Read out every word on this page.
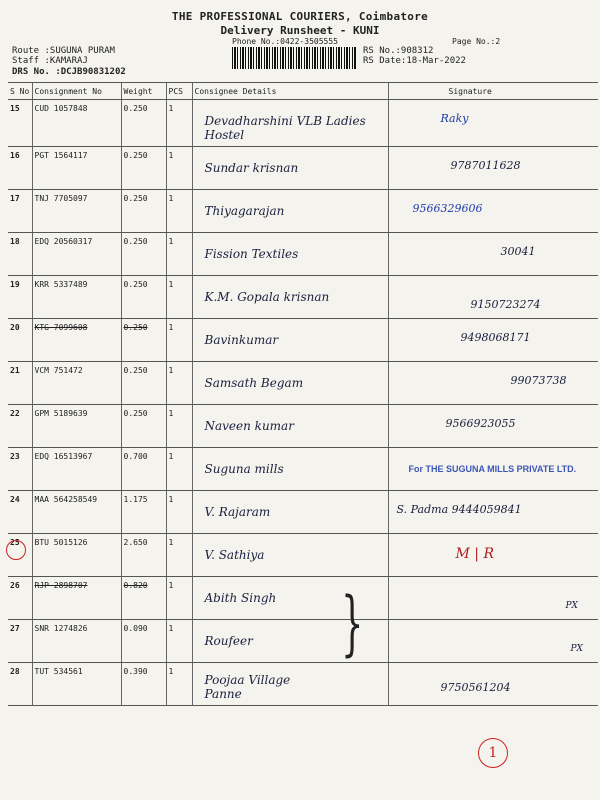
THE PROFESSIONAL COURIERS, Coimbatore
Delivery Runsheet - KUNI
Phone No.:0422-3505555	Page No.:2
Route :SUGUNA PURAM
Staff :KAMARAJ
DRS No. :DCJB90831202
RS No.:908312
RS Date:18-Mar-2022
S No	Consignment No	Weight	PCS	Consignee Details	Signature
15	CUD 1057848	0.250	1	Devadharshini VLB Ladies Hostel	Raky

16	PGT 1564117	0.250	1	Sundar krisnan	9787011628

17	TNJ 7705097	0.250	1	Thiyagarajan	9566329606

18	EDQ 20560317	0.250	1	Fission Textiles	30041

19	KRR 5337489	0.250	1	K.M. Gopala krisnan	9150723274

20	KTG 7099608	0.250	1	Bavinkumar	9498068171

21	VCM 751472	0.250	1	Samsath Begam	99073738

22	GPM 5189639	0.250	1	Naveen kumar	9566923055

23	EDQ 16513967	0.700	1	Suguna mills	For THE SUGUNA MILLS PRIVATE LTD.

24	MAA 564258549	1.175	1	V. Rajaram	S. Padma 9444059841

25	BTU 5015126	2.650	1	V. Sathiya	M | R

26	RJP 2898707	0.820	1	Abith Singh	PX

27	SNR 1274826	0.090	1	Roufeer	PX

28	TUT 534561	0.390	1	Poojaa Village Panne	9750561204
}
1
